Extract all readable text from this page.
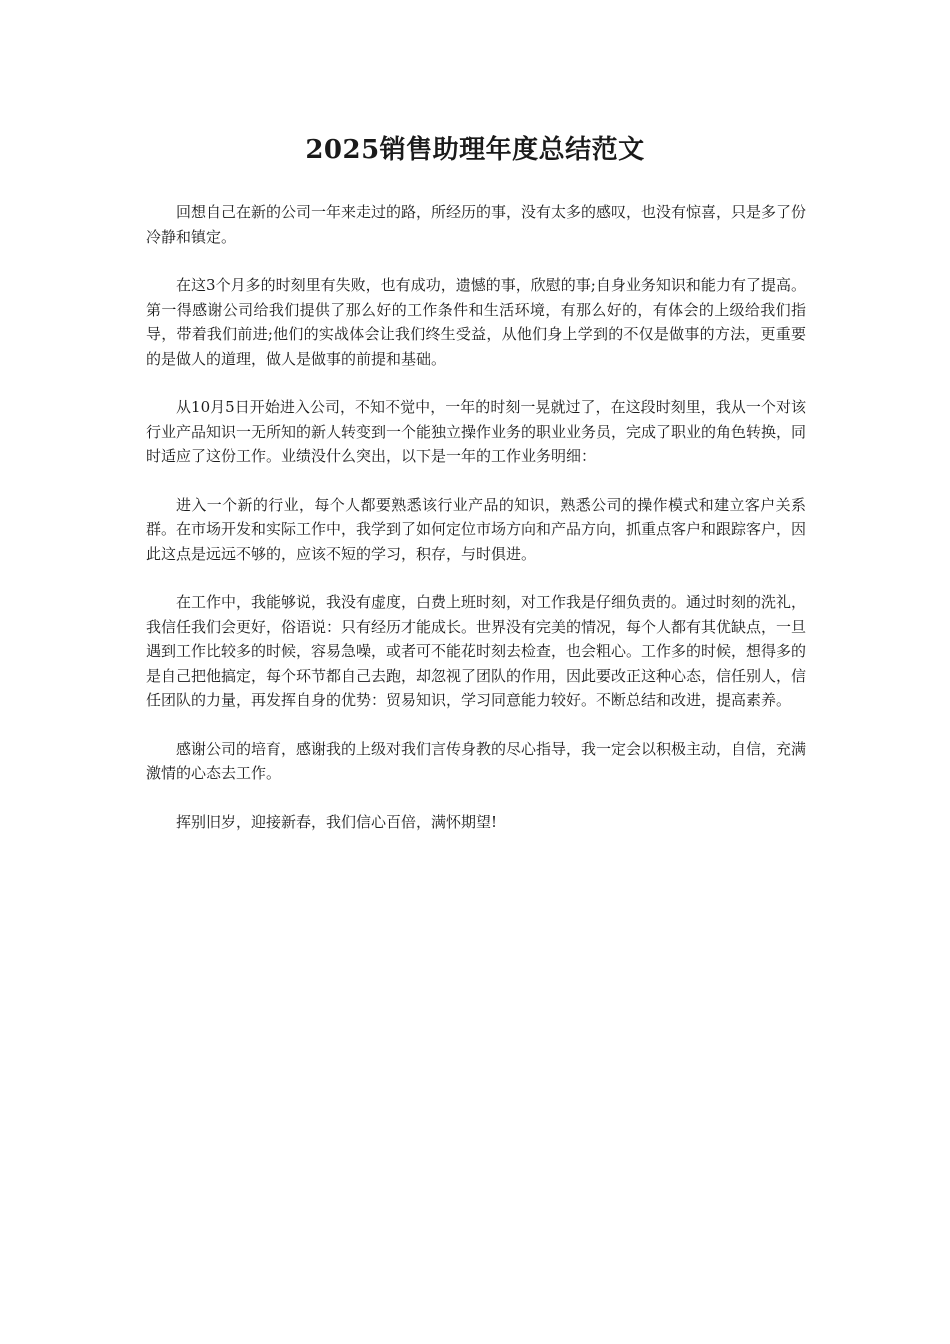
2025销售助理年度总结范文

回想自己在新的公司一年来走过的路，所经历的事，没有太多的感叹，也没有惊喜，只是多了份冷静和镇定。

在这3个月多的时刻里有失败，也有成功，遗憾的事，欣慰的事;自身业务知识和能力有了提高。第一得感谢公司给我们提供了那么好的工作条件和生活环境，有那么好的，有体会的上级给我们指导，带着我们前进;他们的实战体会让我们终生受益，从他们身上学到的不仅是做事的方法，更重要的是做人的道理，做人是做事的前提和基础。

从10月5日开始进入公司，不知不觉中，一年的时刻一晃就过了，在这段时刻里，我从一个对该行业产品知识一无所知的新人转变到一个能独立操作业务的职业业务员，完成了职业的角色转换，同时适应了这份工作。业绩没什么突出，以下是一年的工作业务明细：

进入一个新的行业，每个人都要熟悉该行业产品的知识，熟悉公司的操作模式和建立客户关系群。在市场开发和实际工作中，我学到了如何定位市场方向和产品方向，抓重点客户和跟踪客户，因此这点是远远不够的，应该不短的学习，积存，与时俱进。

在工作中，我能够说，我没有虚度，白费上班时刻，对工作我是仔细负责的。通过时刻的洗礼，我信任我们会更好，俗语说：只有经历才能成长。世界没有完美的情况，每个人都有其优缺点，一旦遇到工作比较多的时候，容易急噪，或者可不能花时刻去检查，也会粗心。工作多的时候，想得多的是自己把他搞定，每个环节都自己去跑，却忽视了团队的作用，因此要改正这种心态，信任别人，信任团队的力量，再发挥自身的优势：贸易知识，学习同意能力较好。不断总结和改进，提高素养。

感谢公司的培育，感谢我的上级对我们言传身教的尽心指导，我一定会以积极主动，自信，充满激情的心态去工作。

挥别旧岁，迎接新春，我们信心百倍，满怀期望!
